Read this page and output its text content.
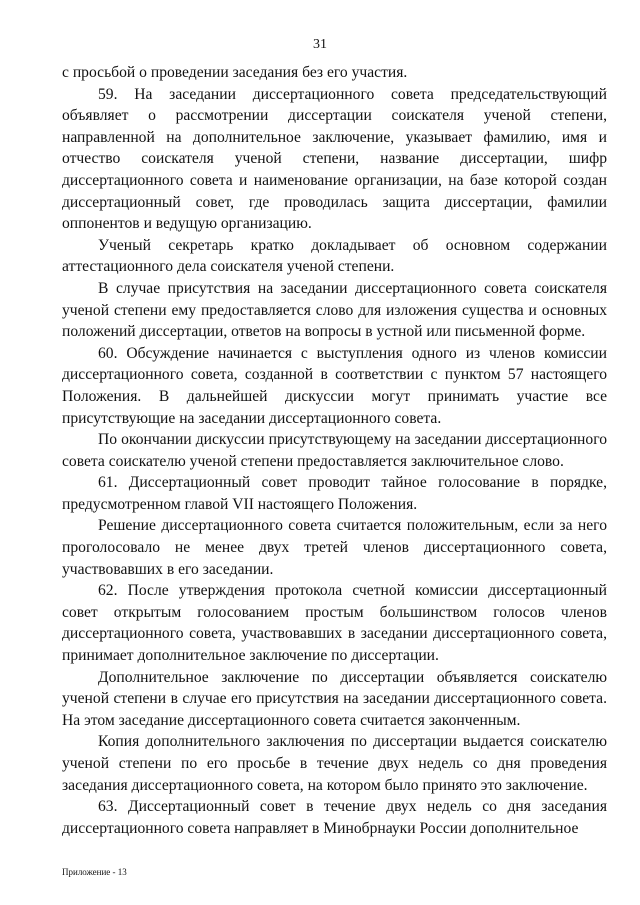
31

с просьбой о проведении заседания без его участия.

59. На заседании диссертационного совета председательствующий объявляет о рассмотрении диссертации соискателя ученой степени, направленной на дополнительное заключение, указывает фамилию, имя и отчество соискателя ученой степени, название диссертации, шифр диссертационного совета и наименование организации, на базе которой создан диссертационный совет, где проводилась защита диссертации, фамилии оппонентов и ведущую организацию.

Ученый секретарь кратко докладывает об основном содержании аттестационного дела соискателя ученой степени.

В случае присутствия на заседании диссертационного совета соискателя ученой степени ему предоставляется слово для изложения существа и основных положений диссертации, ответов на вопросы в устной или письменной форме.

60. Обсуждение начинается с выступления одного из членов комиссии диссертационного совета, созданной в соответствии с пунктом 57 настоящего Положения. В дальнейшей дискуссии могут принимать участие все присутствующие на заседании диссертационного совета.

По окончании дискуссии присутствующему на заседании диссертационного совета соискателю ученой степени предоставляется заключительное слово.

61. Диссертационный совет проводит тайное голосование в порядке, предусмотренном главой VII настоящего Положения.

Решение диссертационного совета считается положительным, если за него проголосовало не менее двух третей членов диссертационного совета, участвовавших в его заседании.

62. После утверждения протокола счетной комиссии диссертационный совет открытым голосованием простым большинством голосов членов диссертационного совета, участвовавших в заседании диссертационного совета, принимает дополнительное заключение по диссертации.

Дополнительное заключение по диссертации объявляется соискателю ученой степени в случае его присутствия на заседании диссертационного совета. На этом заседание диссертационного совета считается законченным.

Копия дополнительного заключения по диссертации выдается соискателю ученой степени по его просьбе в течение двух недель со дня проведения заседания диссертационного совета, на котором было принято это заключение.

63. Диссертационный совет в течение двух недель со дня заседания диссертационного совета направляет в Минобрнауки России дополнительное

Приложение - 13
